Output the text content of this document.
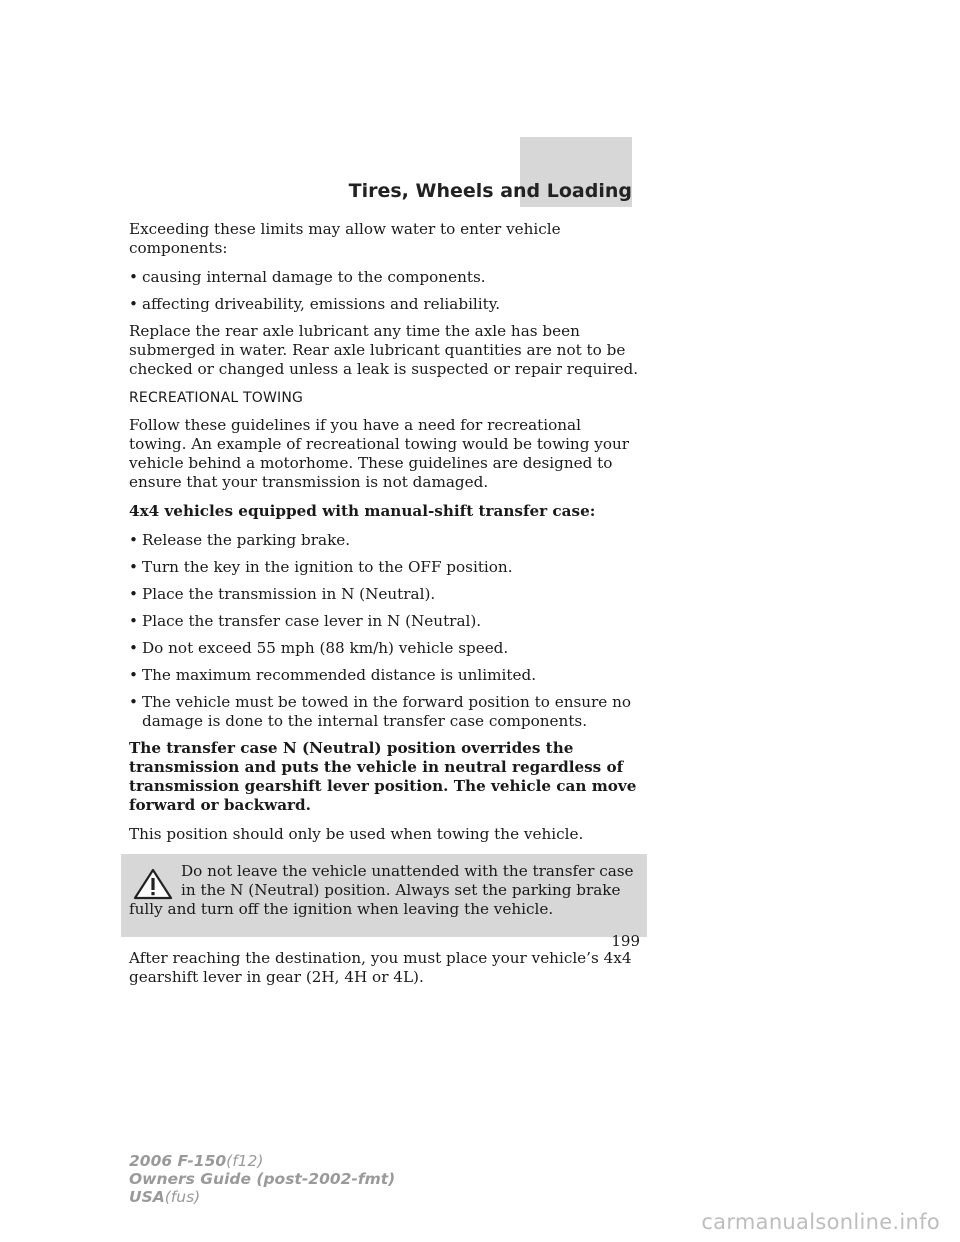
Tires, Wheels and Loading

Exceeding these limits may allow water to enter vehicle components:

• causing internal damage to the components.
• affecting driveability, emissions and reliability.

Replace the rear axle lubricant any time the axle has been submerged in water. Rear axle lubricant quantities are not to be checked or changed unless a leak is suspected or repair required.

RECREATIONAL TOWING

Follow these guidelines if you have a need for recreational towing. An example of recreational towing would be towing your vehicle behind a motorhome. These guidelines are designed to ensure that your transmission is not damaged.

4x4 vehicles equipped with manual-shift transfer case:

• Release the parking brake.
• Turn the key in the ignition to the OFF position.
• Place the transmission in N (Neutral).
• Place the transfer case lever in N (Neutral).
• Do not exceed 55 mph (88 km/h) vehicle speed.
• The maximum recommended distance is unlimited.
• The vehicle must be towed in the forward position to ensure no damage is done to the internal transfer case components.

The transfer case N (Neutral) position overrides the transmission and puts the vehicle in neutral regardless of transmission gearshift lever position. The vehicle can move forward or backward.

This position should only be used when towing the vehicle.

Do not leave the vehicle unattended with the transfer case in the N (Neutral) position. Always set the parking brake fully and turn off the ignition when leaving the vehicle.

After reaching the destination, you must place your vehicle’s 4x4 gearshift lever in gear (2H, 4H or 4L).

199

2006 F-150(f12)
Owners Guide (post-2002-fmt)
USA(fus)
carmanualsonline.info
